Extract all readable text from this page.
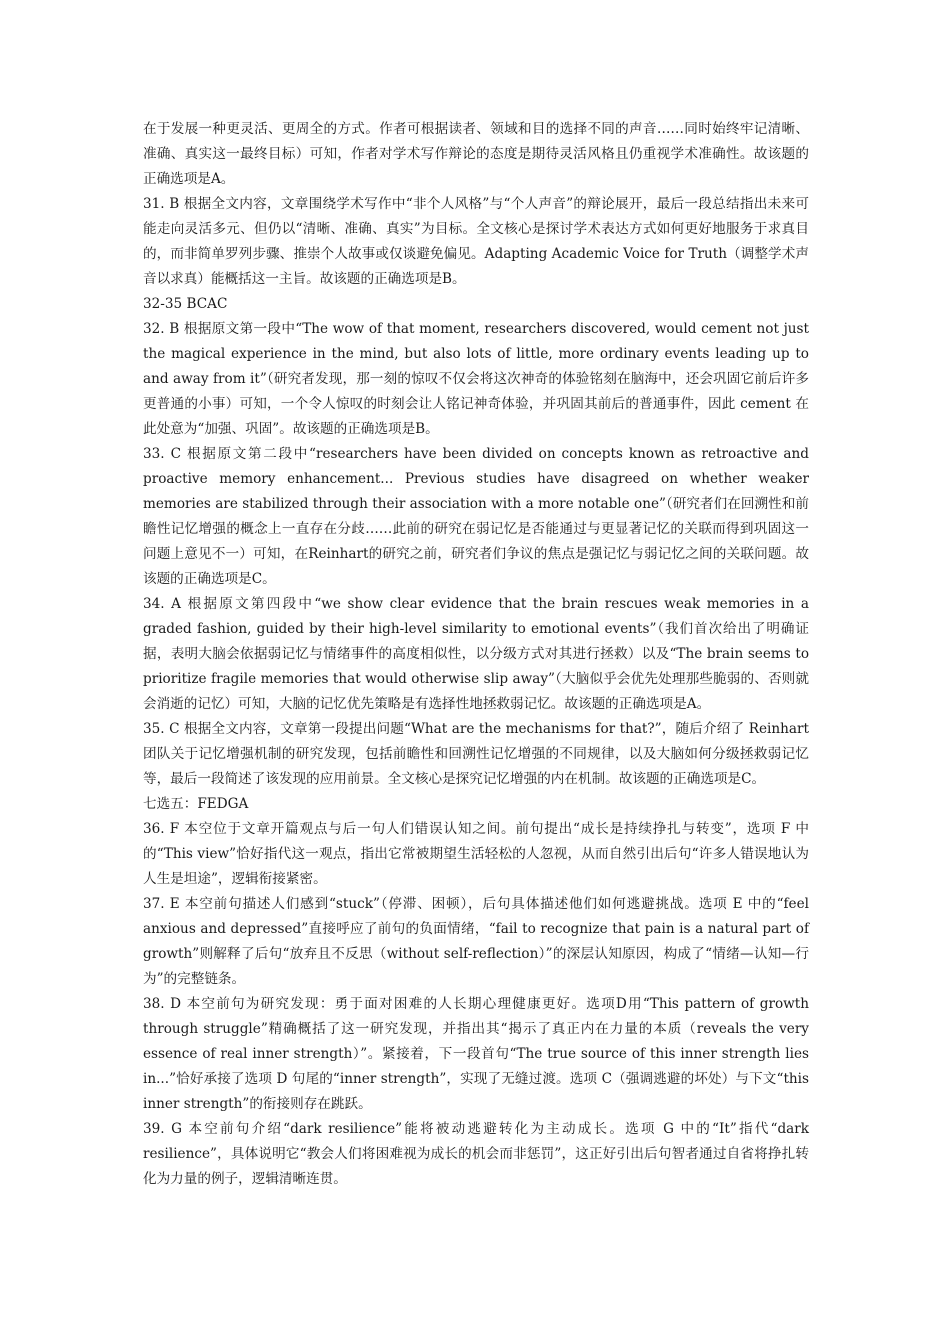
在于发展一种更灵活、更周全的方式。作者可根据读者、领域和目的选择不同的声音……同时始终牢记清晰、准确、真实这一最终目标）可知，作者对学术写作辩论的态度是期待灵活风格且仍重视学术准确性。故该题的正确选项是A。

31. B 根据全文内容，文章围绕学术写作中“非个人风格”与“个人声音”的辩论展开，最后一段总结指出未来可能走向灵活多元、但仍以“清晰、准确、真实”为目标。全文核心是探讨学术表达方式如何更好地服务于求真目的，而非简单罗列步骤、推崇个人故事或仅谈避免偏见。Adapting Academic Voice for Truth（调整学术声音以求真）能概括这一主旨。故该题的正确选项是B。

32-35 BCAC

32. B 根据原文第一段中“The wow of that moment, researchers discovered, would cement not just the magical experience in the mind, but also lots of little, more ordinary events leading up to and away from it”（研究者发现，那一刻的惊叹不仅会将这次神奇的体验铭刻在脑海中，还会巩固它前后许多更普通的小事）可知，一个令人惊叹的时刻会让人铭记神奇体验，并巩固其前后的普通事件，因此 cement 在此处意为“加强、巩固”。故该题的正确选项是B。

33. C 根据原文第二段中“researchers have been divided on concepts known as retroactive and proactive memory enhancement... Previous studies have disagreed on whether weaker memories are stabilized through their association with a more notable one”（研究者们在回溯性和前瞻性记忆增强的概念上一直存在分歧……此前的研究在弱记忆是否能通过与更显著记忆的关联而得到巩固这一问题上意见不一）可知，在Reinhart的研究之前，研究者们争议的焦点是强记忆与弱记忆之间的关联问题。故该题的正确选项是C。

34. A 根据原文第四段中“we show clear evidence that the brain rescues weak memories in a graded fashion, guided by their high-level similarity to emotional events”（我们首次给出了明确证据，表明大脑会依据弱记忆与情绪事件的高度相似性，以分级方式对其进行拯救）以及“The brain seems to prioritize fragile memories that would otherwise slip away”（大脑似乎会优先处理那些脆弱的、否则就会消逝的记忆）可知，大脑的记忆优先策略是有选择性地拯救弱记忆。故该题的正确选项是A。

35. C 根据全文内容，文章第一段提出问题“What are the mechanisms for that?”，随后介绍了 Reinhart 团队关于记忆增强机制的研究发现，包括前瞻性和回溯性记忆增强的不同规律，以及大脑如何分级拯救弱记忆等，最后一段简述了该发现的应用前景。全文核心是探究记忆增强的内在机制。故该题的正确选项是C。

七选五：FEDGA

36. F 本空位于文章开篇观点与后一句人们错误认知之间。前句提出“成长是持续挣扎与转变”，选项 F 中的“This view”恰好指代这一观点，指出它常被期望生活轻松的人忽视，从而自然引出后句“许多人错误地认为人生是坦途”，逻辑衔接紧密。

37. E 本空前句描述人们感到“stuck”（停滞、困顿），后句具体描述他们如何逃避挑战。选项 E 中的“feel anxious and depressed”直接呼应了前句的负面情绪，“fail to recognize that pain is a natural part of growth”则解释了后句“放弃且不反思（without self-reflection）”的深层认知原因，构成了“情绪—认知—行为”的完整链条。

38. D 本空前句为研究发现：勇于面对困难的人长期心理健康更好。选项D用“This pattern of growth through struggle”精确概括了这一研究发现，并指出其“揭示了真正内在力量的本质（reveals the very essence of real inner strength）”。紧接着，下一段首句“The true source of this inner strength lies in...”恰好承接了选项 D 句尾的“inner strength”，实现了无缝过渡。选项 C（强调逃避的坏处）与下文“this inner strength”的衔接则存在跳跃。

39. G 本空前句介绍“dark resilience”能将被动逃避转化为主动成长。选项 G 中的“It”指代“dark resilience”，具体说明它“教会人们将困难视为成长的机会而非惩罚”，这正好引出后句智者通过自省将挣扎转化为力量的例子，逻辑清晰连贯。
